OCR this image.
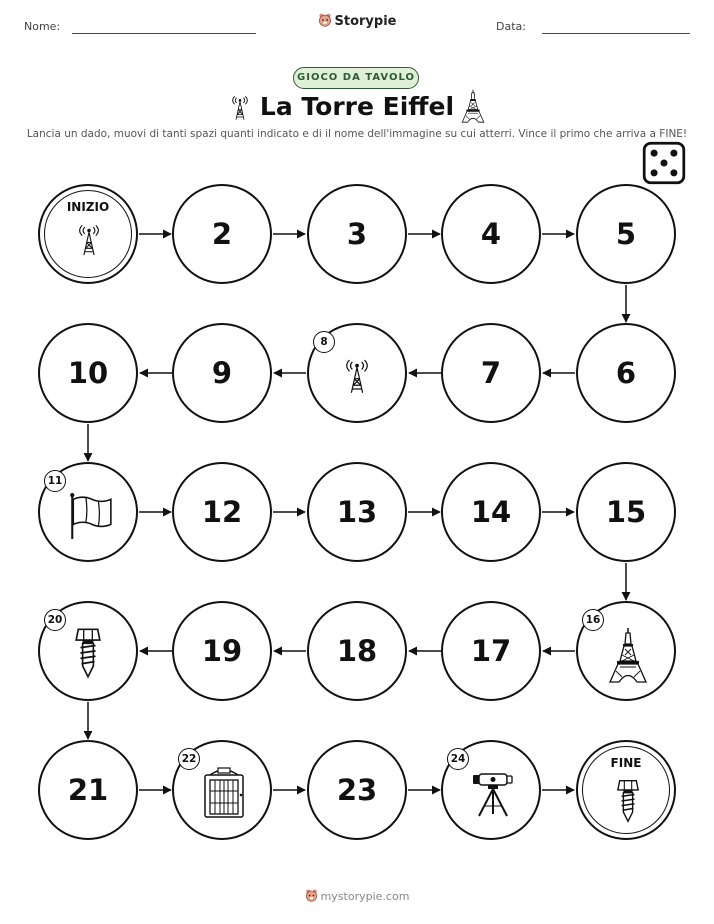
Nome:	Storypie	Data:
GIOCO DA TAVOLO
La Torre Eiffel
Lancia un dado, muovi di tanti spazi quanti indicato e di il nome dell'immagine su cui atterri. Vince il primo che arriva a FINE!
INIZIO
2	3	4	5
10	9
8
7	6
11
12	13	14	15
20
19	18	17
16
21
22
23
24	FINE
mystorypie.com
